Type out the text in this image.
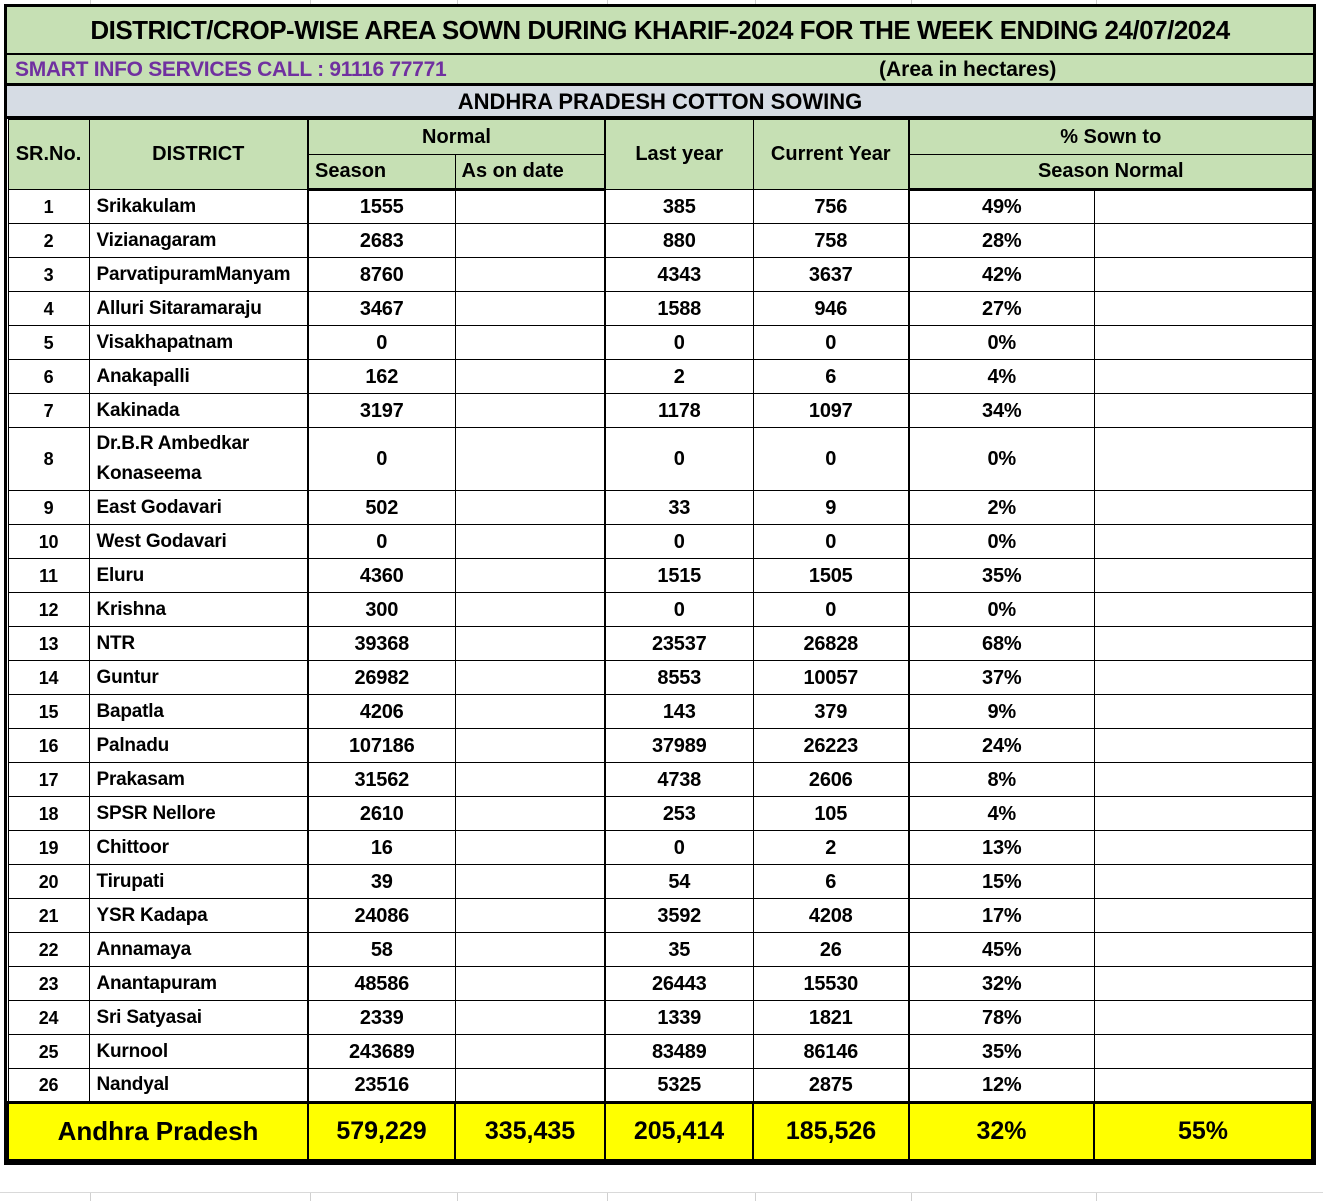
DISTRICT/CROP-WISE AREA SOWN DURING KHARIF-2024 FOR THE WEEK ENDING 24/07/2024
SMART INFO SERVICES CALL : 91116 77771	(Area in hectares)
ANDHRA PRADESH COTTON SOWING
SR.No.	DISTRICT	Normal		Last year	Current Year	% Sown to	
		Season	As on date			Season Normal	
1	Srikakulam	1555		385	756	49%	
2	Vizianagaram	2683		880	758	28%	
3	ParvatipuramManyam	8760		4343	3637	42%	
4	Alluri Sitaramaraju	3467		1588	946	27%	
5	Visakhapatnam	0		0	0	0%	
6	Anakapalli	162		2	6	4%	
7	Kakinada	3197		1178	1097	34%	
8	Dr.B.R Ambedkar Konaseema	0		0	0	0%	
9	East Godavari	502		33	9	2%	
10	West Godavari	0		0	0	0%	
11	Eluru	4360		1515	1505	35%	
12	Krishna	300		0	0	0%	
13	NTR	39368		23537	26828	68%	
14	Guntur	26982		8553	10057	37%	
15	Bapatla	4206		143	379	9%	
16	Palnadu	107186		37989	26223	24%	
17	Prakasam	31562		4738	2606	8%	
18	SPSR Nellore	2610		253	105	4%	
19	Chittoor	16		0	2	13%	
20	Tirupati	39		54	6	15%	
21	YSR Kadapa	24086		3592	4208	17%	
22	Annamaya	58		35	26	45%	
23	Anantapuram	48586		26443	15530	32%	
24	Sri Satyasai	2339		1339	1821	78%	
25	Kurnool	243689		83489	86146	35%	
26	Nandyal	23516		5325	2875	12%	
Andhra Pradesh		579,229	335,435	205,414	185,526	32%	55%
